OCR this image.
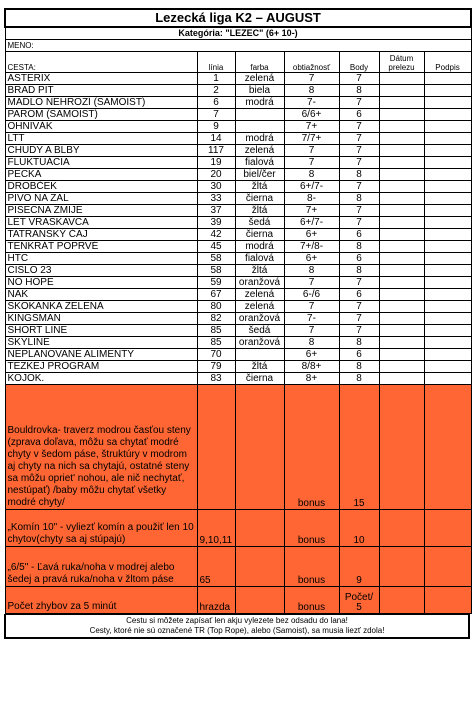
Lezecká liga K2 – AUGUST						
Kategória: "LEZEC" (6+ 10-)						
MENO:						
CESTA:	línia	farba	obtiažnosť	Body	Dátum prelezu	Podpis
ASTERIX	1	zelená	7	7		
BRAD PIT	2	biela	8	8		
MADLO NEHROZÍ (SAMOIST)	6	modrá	7-	7		
PAROM (SAMOIST)	7		6/6+	6		
OHNIVÁK	9		7+	7		
LTT	14	modrá	7/7+	7		
CHUDY A BLBY	117	zelená	7	7		
FLUKTUÁCIA	19	fialová	7	7		
PECKA	20	biel/čer	8	8		
DROBČEK	30	žltá	6+/7-	7		
PIVO NA ZAL	33	čierna	8-	8		
PISECNA ZMIJE	37	žltá	7+	7		
LET VRASKAVCA	39	šedá	6+/7-	7		
TATRANSKÝ ČAJ	42	čierna	6+	6		
TENKRÁT POPRVÉ	45	modrá	7+/8-	8		
HTC	58	fialová	6+	6		
CISLO 23	58	žltá	8	8		
NO HOPE	59	oranžová	7	7		
NAK	67	zelená	6-/6	6		
SKOKANKA ZELENÁ	80	zelená	7	7		
KINGSMAN	82	oranžová	7-	7		
SHORT LINE	85	šedá	7	7		
SKYLINE	85	oranžová	8	8		
NEPLANOVANE ALIMENTY	70		6+	6		
TEZKEJ PROGRAM	79	žltá	8/8+	8		
KOJOK.	83	čierna	8+	8		
Bouldrovka- traverz modrou časťou steny (zprava doľava, môžu sa chytať modré chyty v šedom páse, štruktúry v modrom aj chyty na nich sa chytajú, ostatné steny sa môžu opriet' nohou, ale nič nechytať, nestúpať) /baby môžu chytať všetky modré chyty/			bonus	15		
„Komín 10" - vyliezť komín a použiť len 10 chytov(chyty sa aj stúpajú)	9,10,11		bonus	10		
„6/5" - Ľavá ruka/noha v modrej alebo šedej a pravá ruka/noha v žltom páse	65		bonus	9		
Počet zhybov za 5 minút	hrazda		bonus	Počet/ 5		
Cestu si môžete zapísať len akju vylezete bez odsadu do lana!
Cesty, ktoré nie sú označené TR (Top Rope), alebo (Samoist), sa musia liezť zdola!
